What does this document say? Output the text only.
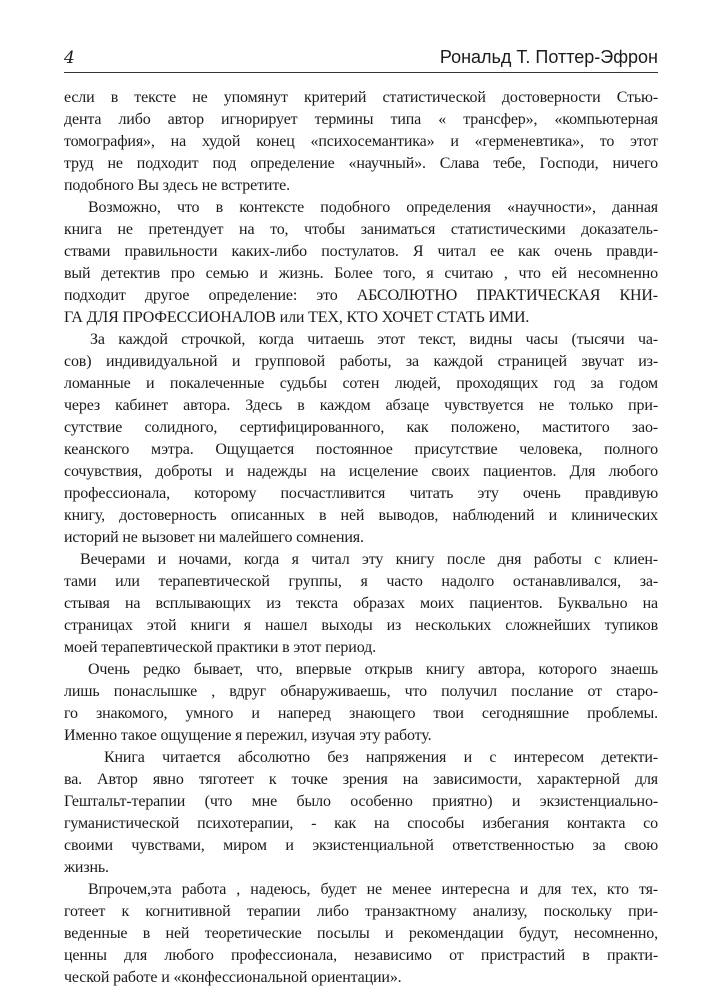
4	Рональд Т. Поттер-Эфрон
если в тексте не упомянут критерий статистической достоверности Стью-
дента либо автор игнорирует термины типа « трансфер», «компьютерная
томография», на худой конец «психосемантика» и «герменевтика», то этот
труд не подходит под определение «научный». Слава тебе, Господи, ничего
подобного Вы здесь не встретите.
Возможно, что в контексте подобного определения «научности», данная
книга не претендует на то, чтобы заниматься статистическими доказатель-
ствами правильности каких-либо постулатов. Я читал ее как очень правди-
вый детектив про семью и жизнь. Более того, я считаю , что ей несомненно
подходит другое определение: это АБСОЛЮТНО ПРАКТИЧЕСКАЯ КНИ-
ГА ДЛЯ ПРОФЕССИОНАЛОВ или ТЕХ, КТО ХОЧЕТ СТАТЬ ИМИ.
За каждой строчкой, когда читаешь этот текст, видны часы (тысячи ча-
сов) индивидуальной и групповой работы, за каждой страницей звучат из-
ломанные и покалеченные судьбы сотен людей, проходящих год за годом
через кабинет автора. Здесь в каждом абзаце чувствуется не только при-
сутствие солидного, сертифицированного, как положено, маститого зао-
кеанского мэтра. Ощущается постоянное присутствие человека, полного
сочувствия, доброты и надежды на исцеление своих пациентов. Для любого
профессионала, которому посчастливится читать эту очень правдивую
книгу, достоверность описанных в ней выводов, наблюдений и клинических
историй не вызовет ни малейшего сомнения.
Вечерами и ночами, когда я читал эту книгу после дня работы с клиен-
тами или терапевтической группы, я часто надолго останавливался, за-
стывая на всплывающих из текста образах моих пациентов. Буквально на
страницах этой книги я нашел выходы из нескольких сложнейших тупиков
моей терапевтической практики в этот период.
Очень редко бывает, что, впервые открыв книгу автора, которого знаешь
лишь понаслышке , вдруг обнаруживаешь, что получил послание от старо-
го знакомого, умного и наперед знающего твои сегодняшние проблемы.
Именно такое ощущение я пережил, изучая эту работу.
Книга читается абсолютно без напряжения и с интересом детекти-
ва. Автор явно тяготеет к точке зрения на зависимости, характерной для
Гештальт-терапии (что мне было особенно приятно) и экзистенциально-
гуманистической психотерапии, - как на способы избегания контакта со
своими чувствами, миром и экзистенциальной ответственностью за свою
жизнь.
Впрочем,эта работа , надеюсь, будет не менее интересна и для тех, кто тя-
готеет к когнитивной терапии либо транзактному анализу, поскольку при-
веденные в ней теоретические посылы и рекомендации будут, несомненно,
ценны для любого профессионала, независимо от пристрастий в практи-
ческой работе и «конфессиональной ориентации».
